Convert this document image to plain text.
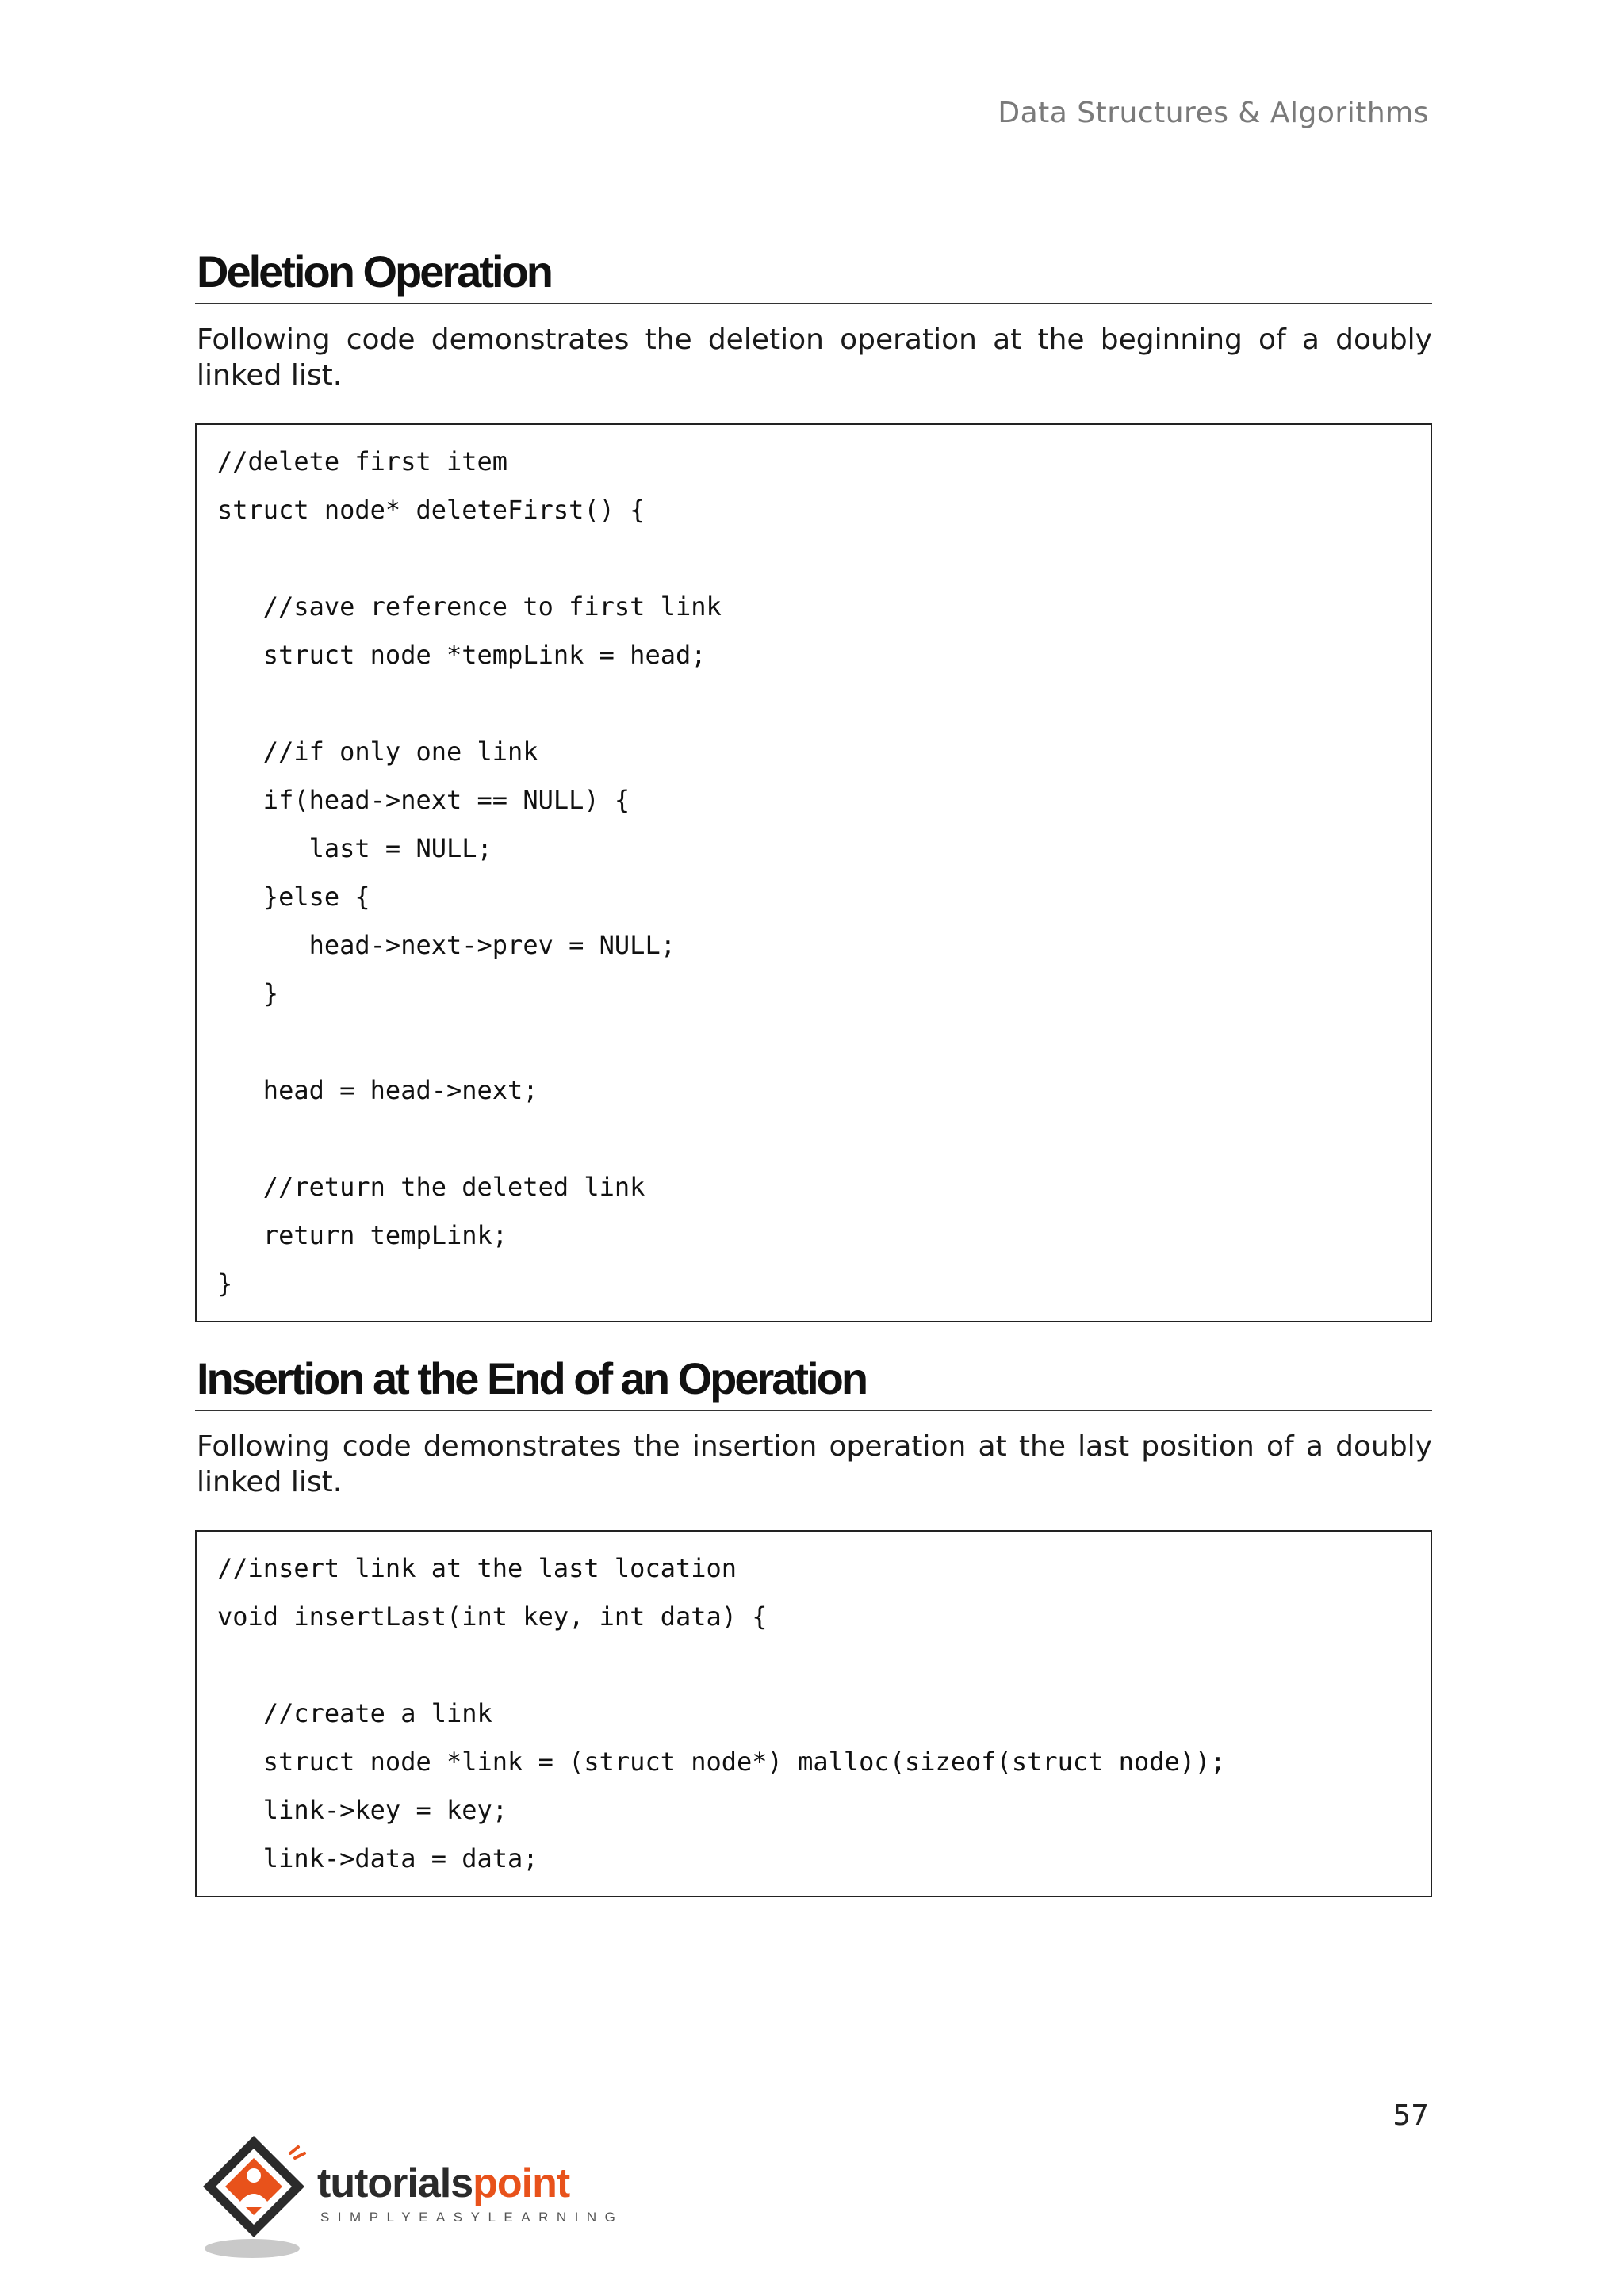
Data Structures & Algorithms
Deletion Operation

Following code demonstrates the deletion operation at the beginning of a doubly linked list.

//delete first item
struct node* deleteFirst() {
//save reference to first link
struct node *tempLink = head;
//if only one link
if(head->next == NULL) {
last = NULL;
}else {
head->next->prev = NULL;
}
head = head->next;
//return the deleted link
return tempLink;
}
Insertion at the End of an Operation

Following code demonstrates the insertion operation at the last position of a doubly linked list.

//insert link at the last location
void insertLast(int key, int data) {
//create a link
struct node *link = (struct node*) malloc(sizeof(struct node));
link->key = key;
link->data = data;
57
tutorialspoint
SIMPLYEASYLEARNING
